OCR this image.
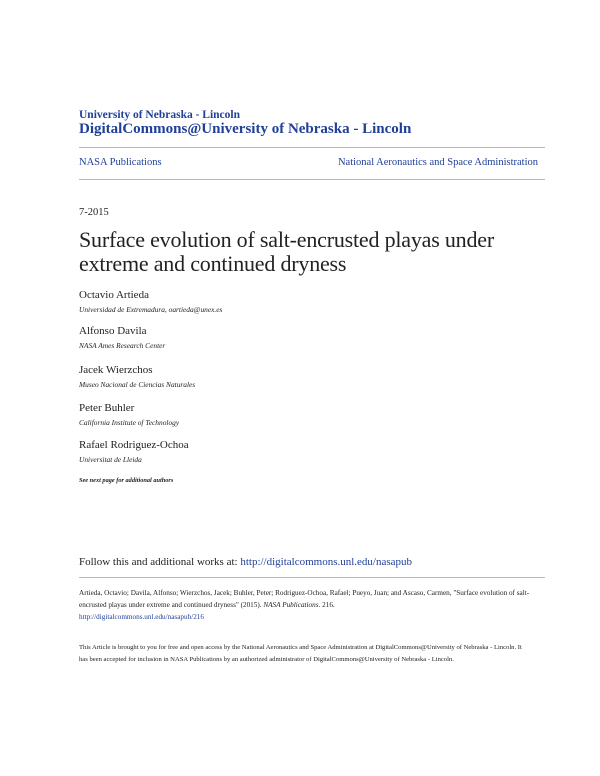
University of Nebraska - Lincoln
DigitalCommons@University of Nebraska - Lincoln
NASA Publications	National Aeronautics and Space Administration
7-2015
Surface evolution of salt-encrusted playas under extreme and continued dryness
Octavio Artieda
Universidad de Extremadura, oartieda@unex.es
Alfonso Davila
NASA Ames Research Center
Jacek Wierzchos
Museo Nacional de Ciencias Naturales
Peter Buhler
California Institute of Technology
Rafael Rodriguez-Ochoa
Universitat de Lleida
See next page for additional authors
Follow this and additional works at: http://digitalcommons.unl.edu/nasapub
Artieda, Octavio; Davila, Alfonso; Wierzchos, Jacek; Buhler, Peter; Rodriguez-Ochoa, Rafael; Pueyo, Juan; and Ascaso, Carmen, "Surface evolution of salt-encrusted playas under extreme and continued dryness" (2015). NASA Publications. 216.
http://digitalcommons.unl.edu/nasapub/216
This Article is brought to you for free and open access by the National Aeronautics and Space Administration at DigitalCommons@University of Nebraska - Lincoln. It has been accepted for inclusion in NASA Publications by an authorized administrator of DigitalCommons@University of Nebraska - Lincoln.
